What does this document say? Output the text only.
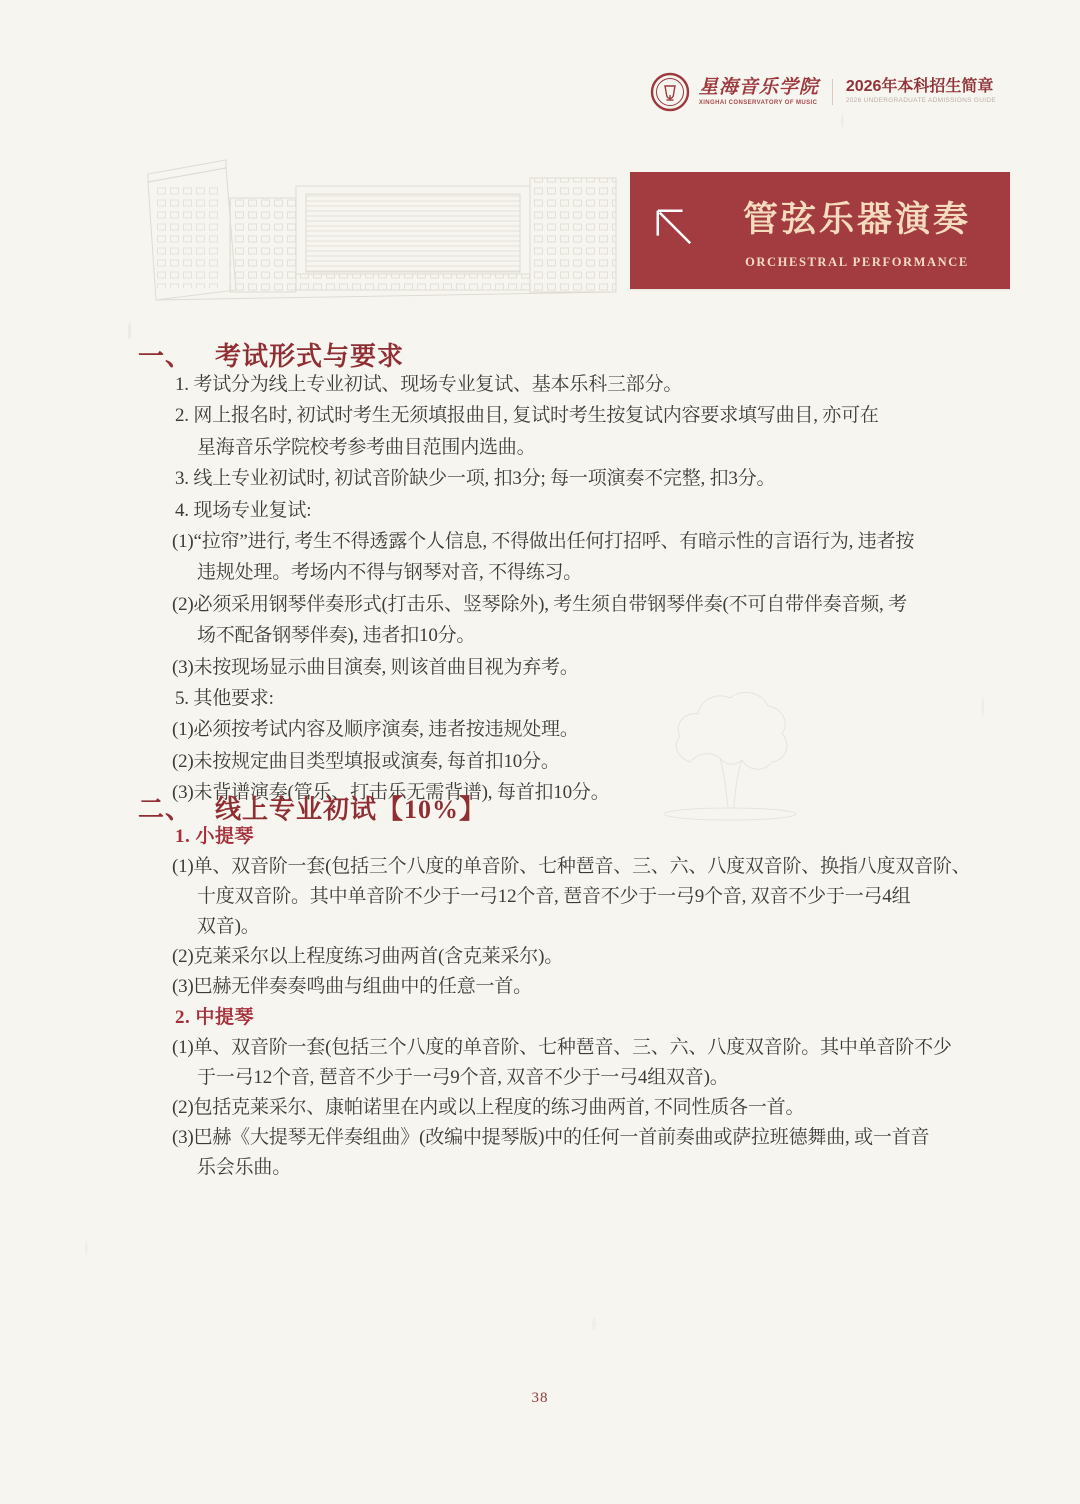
星海音乐学院
XINGHAI CONSERVATORY OF MUSIC
2026年本科招生简章
2026 UNDERGRADUATE ADMISSIONS GUIDE
管弦乐器演奏
ORCHESTRAL PERFORMANCE
一、 考试形式与要求
1. 考试分为线上专业初试、现场专业复试、基本乐科三部分。
2. 网上报名时, 初试时考生无须填报曲目, 复试时考生按复试内容要求填写曲目, 亦可在
星海音乐学院校考参考曲目范围内选曲。
3. 线上专业初试时, 初试音阶缺少一项, 扣3分; 每一项演奏不完整, 扣3分。
4. 现场专业复试:
(1)“拉帘”进行, 考生不得透露个人信息, 不得做出任何打招呼、有暗示性的言语行为, 违者按
违规处理。考场内不得与钢琴对音, 不得练习。
(2)必须采用钢琴伴奏形式(打击乐、竖琴除外), 考生须自带钢琴伴奏(不可自带伴奏音频, 考
场不配备钢琴伴奏), 违者扣10分。
(3)未按现场显示曲目演奏, 则该首曲目视为弃考。
5. 其他要求:
(1)必须按考试内容及顺序演奏, 违者按违规处理。
(2)未按规定曲目类型填报或演奏, 每首扣10分。
(3)未背谱演奏(管乐、打击乐无需背谱), 每首扣10分。
二、 线上专业初试【10%】
1. 小提琴
(1)单、双音阶一套(包括三个八度的单音阶、七种琶音、三、六、八度双音阶、换指八度双音阶、
十度双音阶。其中单音阶不少于一弓12个音, 琶音不少于一弓9个音, 双音不少于一弓4组
双音)。
(2)克莱采尔以上程度练习曲两首(含克莱采尔)。
(3)巴赫无伴奏奏鸣曲与组曲中的任意一首。
2. 中提琴
(1)单、双音阶一套(包括三个八度的单音阶、七种琶音、三、六、八度双音阶。其中单音阶不少
于一弓12个音, 琶音不少于一弓9个音, 双音不少于一弓4组双音)。
(2)包括克莱采尔、康帕诺里在内或以上程度的练习曲两首, 不同性质各一首。
(3)巴赫《大提琴无伴奏组曲》(改编中提琴版)中的任何一首前奏曲或萨拉班德舞曲, 或一首音
乐会乐曲。
38
